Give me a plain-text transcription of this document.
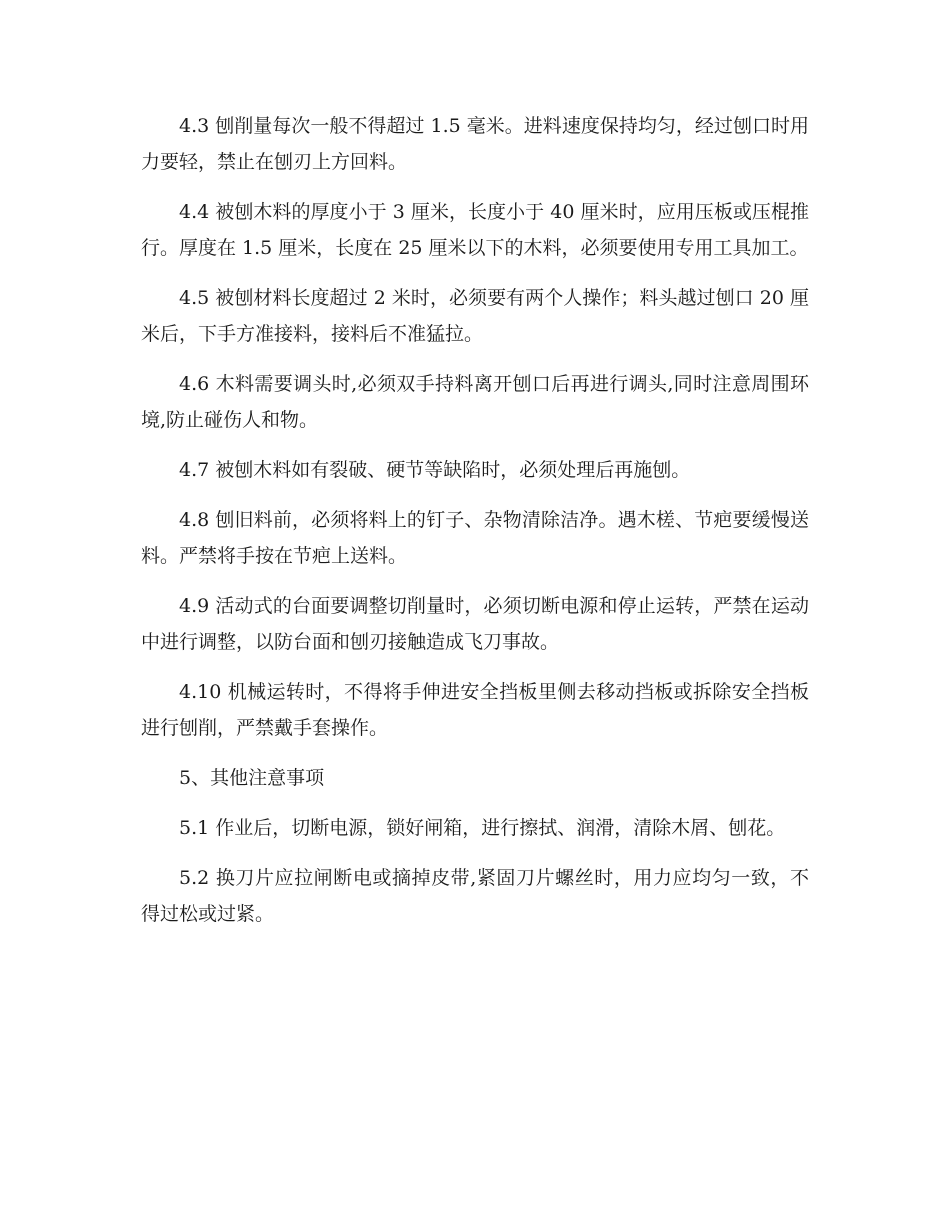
4.3 刨削量每次一般不得超过 1.5 毫米。进料速度保持均匀，经过刨口时用力要轻，禁止在刨刃上方回料。

4.4 被刨木料的厚度小于 3 厘米，长度小于 40 厘米时，应用压板或压棍推行。厚度在 1.5 厘米，长度在 25 厘米以下的木料，必须要使用专用工具加工。

4.5 被刨材料长度超过 2 米时，必须要有两个人操作；料头越过刨口 20 厘米后，下手方准接料，接料后不准猛拉。

4.6 木料需要调头时,必须双手持料离开刨口后再进行调头,同时注意周围环境,防止碰伤人和物。

4.7 被刨木料如有裂破、硬节等缺陷时，必须处理后再施刨。

4.8 刨旧料前，必须将料上的钉子、杂物清除洁净。遇木槎、节疤要缓慢送料。严禁将手按在节疤上送料。

4.9 活动式的台面要调整切削量时，必须切断电源和停止运转，严禁在运动中进行调整，以防台面和刨刃接触造成飞刀事故。

4.10 机械运转时，不得将手伸进安全挡板里侧去移动挡板或拆除安全挡板进行刨削，严禁戴手套操作。

5、其他注意事项

5.1 作业后，切断电源，锁好闸箱，进行擦拭、润滑，清除木屑、刨花。

5.2 换刀片应拉闸断电或摘掉皮带,紧固刀片螺丝时，用力应均匀一致，不得过松或过紧。
